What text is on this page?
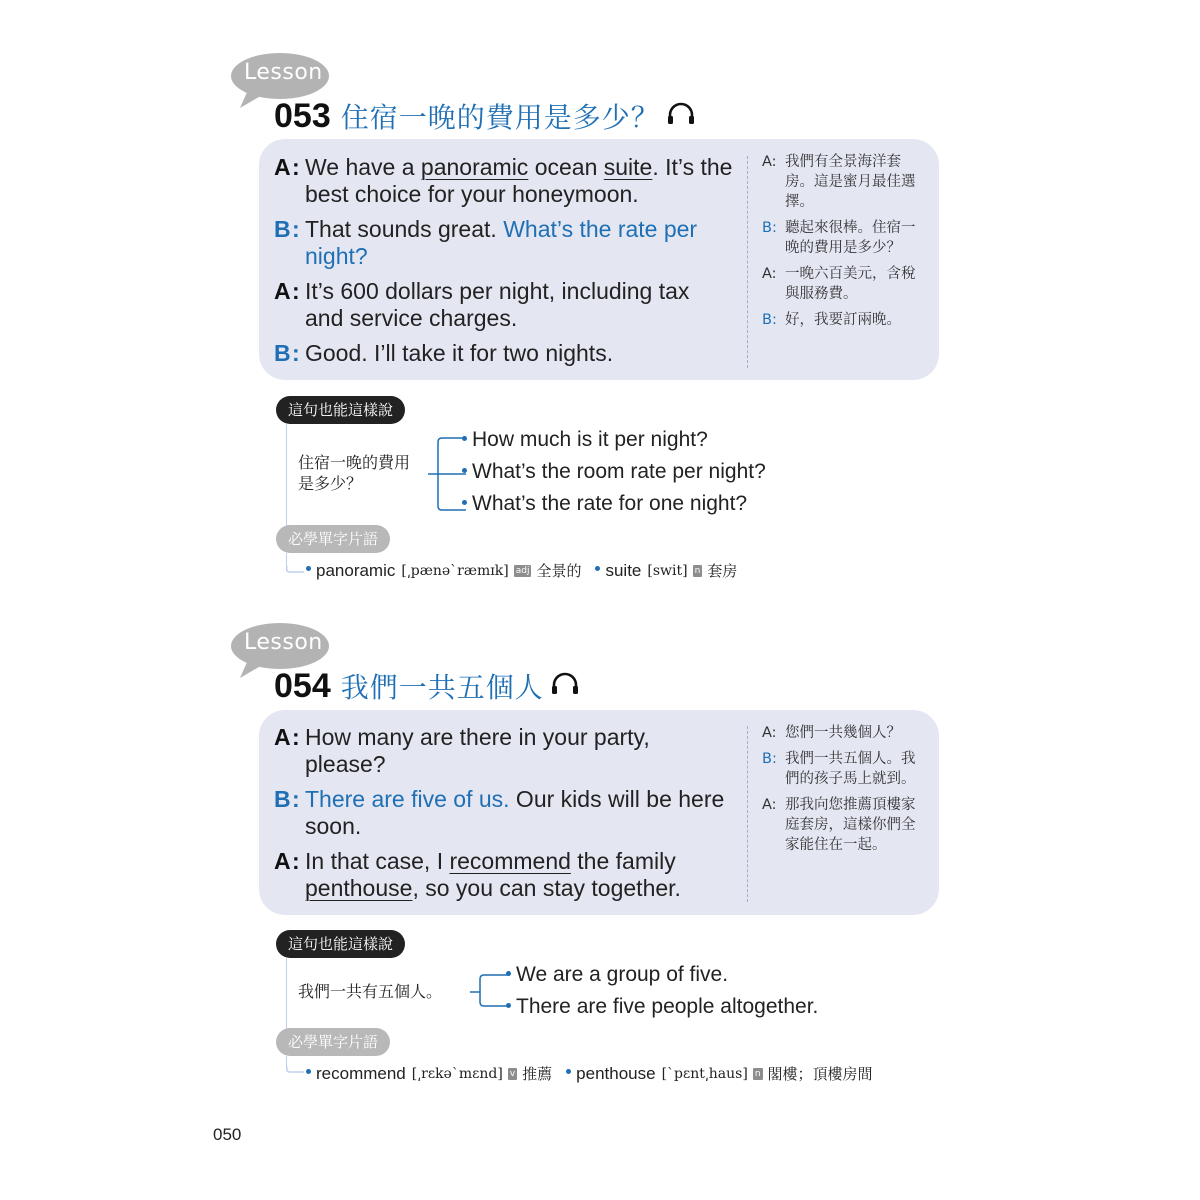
Lesson
053 住宿一晚的費用是多少？
A : We have a panoramic ocean suite. It’s the best choice for your honeymoon.
B : That sounds great. What’s the rate per night?
A : It’s 600 dollars per night, including tax and service charges.
B : Good. I’ll take it for two nights.
A: 我們有全景海洋套房。這是蜜月最佳選擇。
B: 聽起來很棒。住宿一晚的費用是多少？
A: 一晚六百美元，含稅與服務費。
B: 好，我要訂兩晚。
這句也能這樣說
住宿一晚的費用是多少？
How much is it per night?
What’s the room rate per night?
What’s the rate for one night?
必學單字片語
panoramic [͵pænəˋræmɪk] adj 全景的 suite [swit] n 套房
Lesson
054 我們一共五個人
A : How many are there in your party, please?
B : There are five of us. Our kids will be here soon.
A : In that case, I recommend the family penthouse, so you can stay together.
A: 您們一共幾個人？
B: 我們一共五個人。我們的孩子馬上就到。
A: 那我向您推薦頂樓家庭套房，這樣你們全家能住在一起。
這句也能這樣說
我們一共有五個人。
We are a group of five.
There are five people altogether.
必學單字片語
recommend [͵rɛkəˋmɛnd] v 推薦 penthouse [ˋpɛnt͵haus] n 閣樓；頂樓房間
050
